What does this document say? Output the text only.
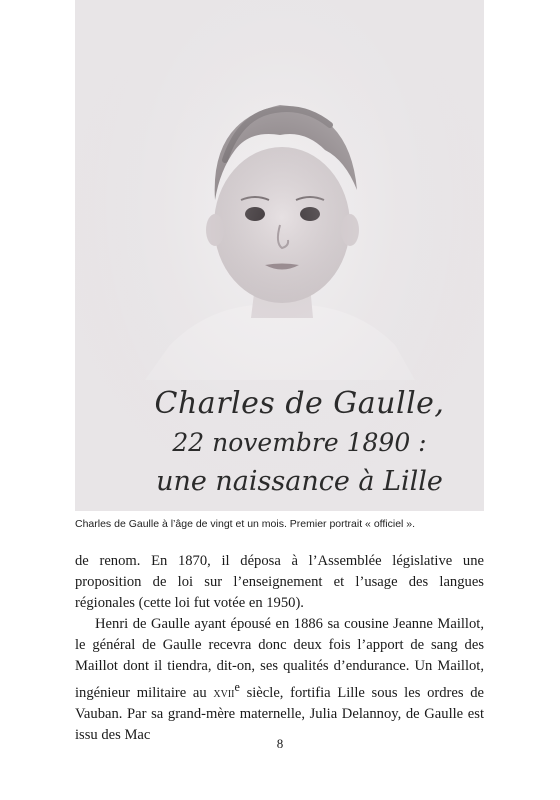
Charles de Gaulle,
22 novembre 1890 :
une naissance à Lille
Charles de Gaulle à l’âge de vingt et un mois. Premier portrait « officiel ».

de renom. En 1870, il déposa à l’Assemblée législative une proposition de loi sur l’enseignement et l’usage des langues régionales (cette loi fut votée en 1950).

Henri de Gaulle ayant épousé en 1886 sa cousine Jeanne Maillot, le général de Gaulle recevra donc deux fois l’apport de sang des Maillot dont il tiendra, dit-on, ses qualités d’endurance. Un Maillot, ingénieur militaire au xvii$^e$ siècle, fortifia Lille sous les ordres de Vauban. Par sa grand-mère maternelle, Julia Delannoy, de Gaulle est issu des Mac

8
